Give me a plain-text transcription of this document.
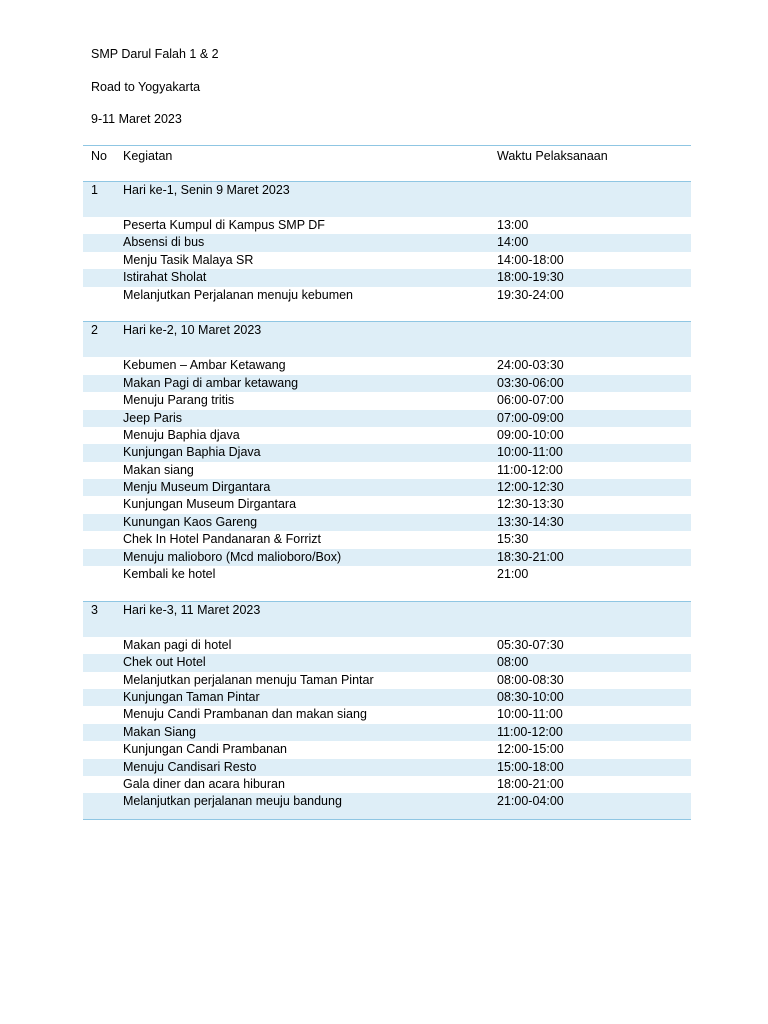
SMP Darul Falah 1 & 2
Road to Yogyakarta
9-11 Maret 2023
No Kegiatan	Waktu Pelaksanaan
1 Hari ke-1, Senin 9 Maret 2023
Peserta Kumpul di Kampus SMP DF	13:00
Absensi di bus	14:00
Menju Tasik Malaya SR	14:00-18:00
Istirahat Sholat	18:00-19:30
Melanjutkan Perjalanan menuju kebumen	19:30-24:00
2 Hari ke-2, 10 Maret 2023
Kebumen – Ambar Ketawang	24:00-03:30
Makan Pagi di ambar ketawang	03:30-06:00
Menuju Parang tritis	06:00-07:00
Jeep Paris	07:00-09:00
Menuju Baphia djava	09:00-10:00
Kunjungan Baphia Djava	10:00-11:00
Makan siang	11:00-12:00
Menju Museum Dirgantara	12:00-12:30
Kunjungan Museum Dirgantara	12:30-13:30
Kunungan Kaos Gareng	13:30-14:30
Chek In Hotel Pandanaran & Forrizt	15:30
Menuju malioboro (Mcd malioboro/Box)	18:30-21:00
Kembali ke hotel	21:00
3 Hari ke-3, 11 Maret 2023
Makan pagi di hotel	05:30-07:30
Chek out Hotel	08:00
Melanjutkan perjalanan menuju Taman Pintar	08:00-08:30
Kunjungan Taman Pintar	08:30-10:00
Menuju Candi Prambanan dan makan siang	10:00-11:00
Makan Siang	11:00-12:00
Kunjungan Candi Prambanan	12:00-15:00
Menuju Candisari Resto	15:00-18:00
Gala diner dan acara hiburan	18:00-21:00
Melanjutkan perjalanan meuju bandung	21:00-04:00
